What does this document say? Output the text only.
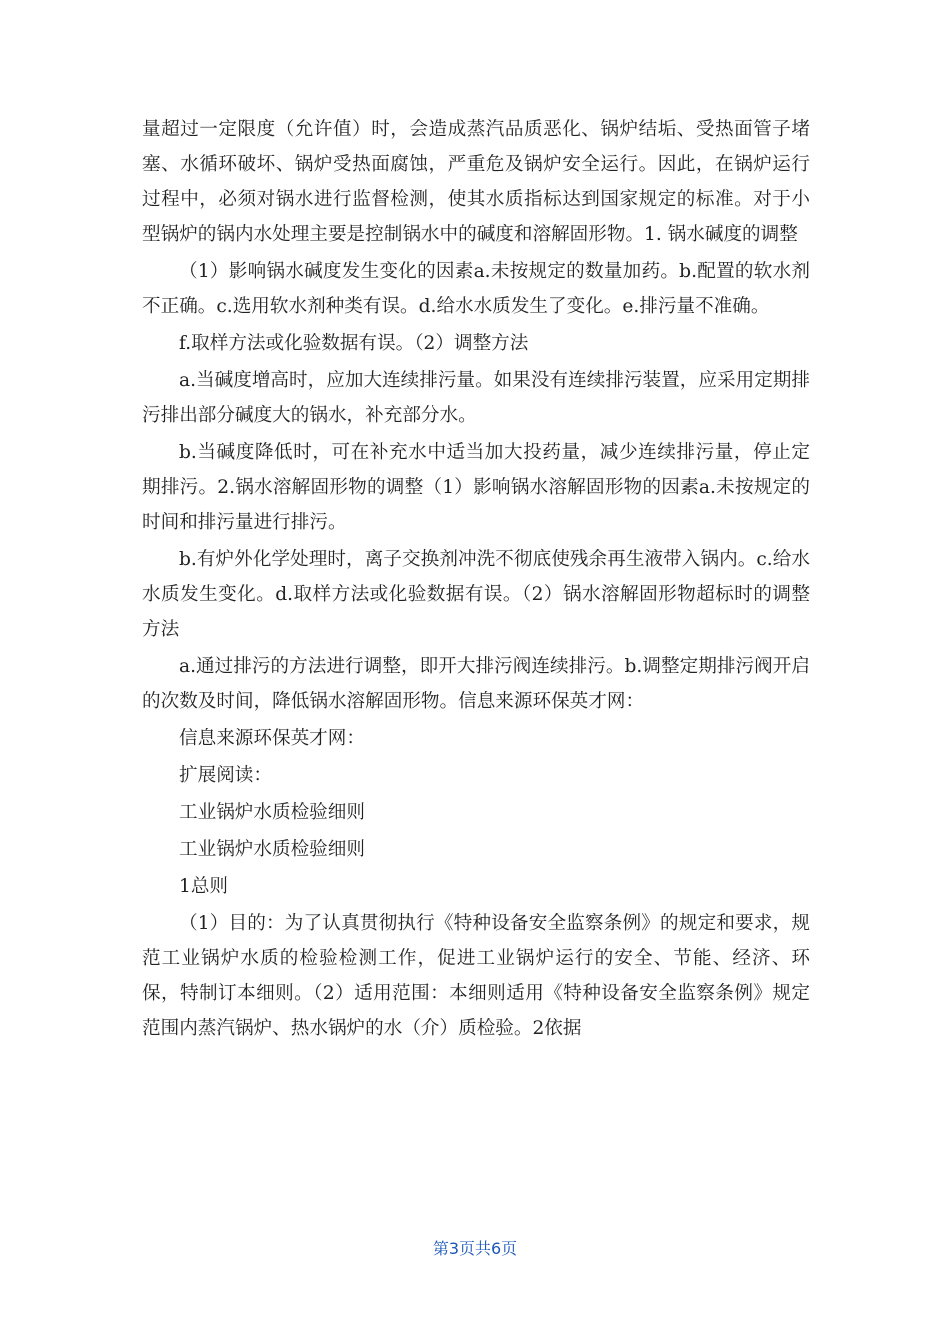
量超过一定限度（允许值）时，会造成蒸汽品质恶化、锅炉结垢、受热面管子堵塞、水循环破坏、锅炉受热面腐蚀，严重危及锅炉安全运行。因此，在锅炉运行过程中，必须对锅水进行监督检测，使其水质指标达到国家规定的标准。对于小型锅炉的锅内水处理主要是控制锅水中的碱度和溶解固形物。1. 锅水碱度的调整

（1）影响锅水碱度发生变化的因素a.未按规定的数量加药。b.配置的软水剂不正确。c.选用软水剂种类有误。d.给水水质发生了变化。e.排污量不准确。

f.取样方法或化验数据有误。（2）调整方法

a.当碱度增高时，应加大连续排污量。如果没有连续排污装置，应采用定期排污排出部分碱度大的锅水，补充部分水。

b.当碱度降低时，可在补充水中适当加大投药量，减少连续排污量，停止定期排污。2.锅水溶解固形物的调整（1）影响锅水溶解固形物的因素a.未按规定的时间和排污量进行排污。

b.有炉外化学处理时，离子交换剂冲洗不彻底使残余再生液带入锅内。c.给水水质发生变化。d.取样方法或化验数据有误。（2）锅水溶解固形物超标时的调整方法

a.通过排污的方法进行调整，即开大排污阀连续排污。b.调整定期排污阀开启的次数及时间，降低锅水溶解固形物。信息来源环保英才网：

信息来源环保英才网：

扩展阅读：

工业锅炉水质检验细则

工业锅炉水质检验细则

1总则

（1）目的：为了认真贯彻执行《特种设备安全监察条例》的规定和要求，规范工业锅炉水质的检验检测工作，促进工业锅炉运行的安全、节能、经济、环保，特制订本细则。（2）适用范围：本细则适用《特种设备安全监察条例》规定范围内蒸汽锅炉、热水锅炉的水（介）质检验。2依据

第3页共6页
